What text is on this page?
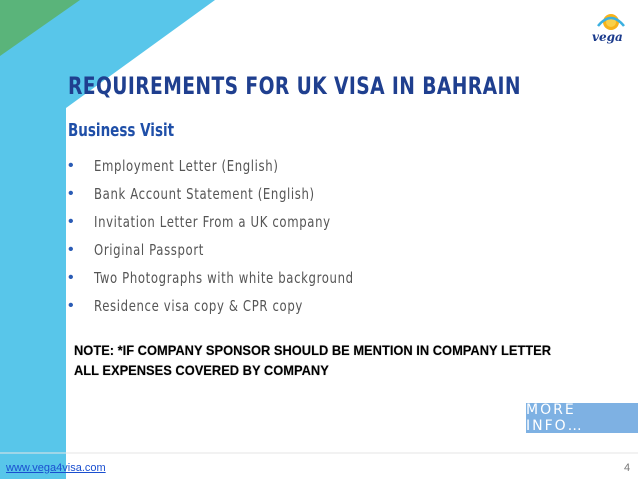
vega
REQUIREMENTS FOR UK VISA IN BAHRAIN
Business Visit
•	Employment Letter (English)
•	Bank Account Statement (English)
•	Invitation Letter From a UK company
•	Original Passport
•	Two Photographs with white background
•	Residence visa copy & CPR copy
NOTE: *IF COMPANY SPONSOR SHOULD BE MENTION IN COMPANY LETTER
ALL EXPENSES COVERED BY COMPANY
MORE INFO…
www.vega4visa.com	4
